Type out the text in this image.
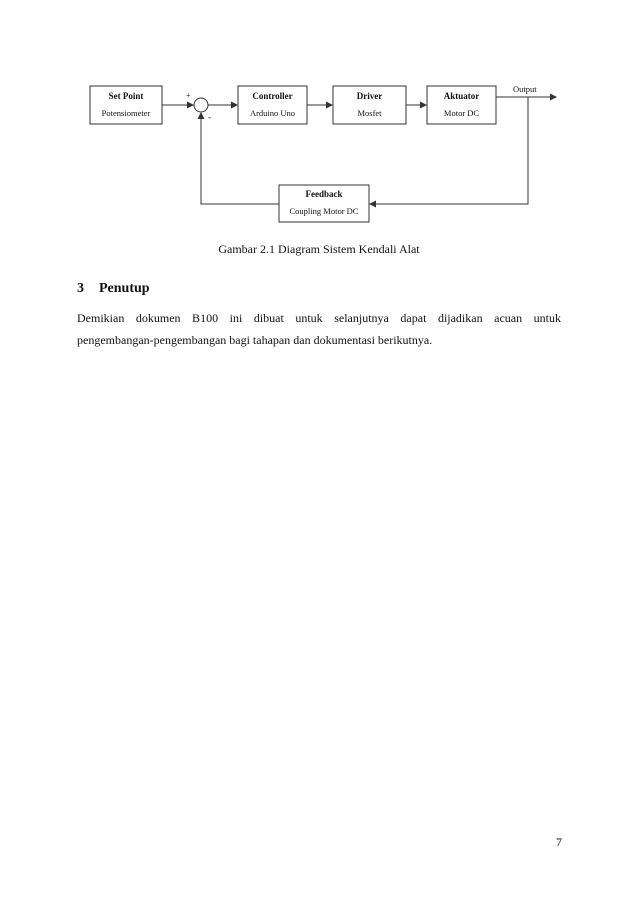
Set Point
Potensiometer
+
-
Controller
Arduino Uno
Driver
Mosfet
Aktuator
Motor DC
Feedback
Coupling Motor DC
Output
Gambar 2.1 Diagram Sistem Kendali Alat
3 Penutup
Demikian dokumen B100 ini dibuat untuk selanjutnya dapat dijadikan acuan untuk
pengembangan-pengembangan bagi tahapan dan dokumentasi berikutnya.
7
